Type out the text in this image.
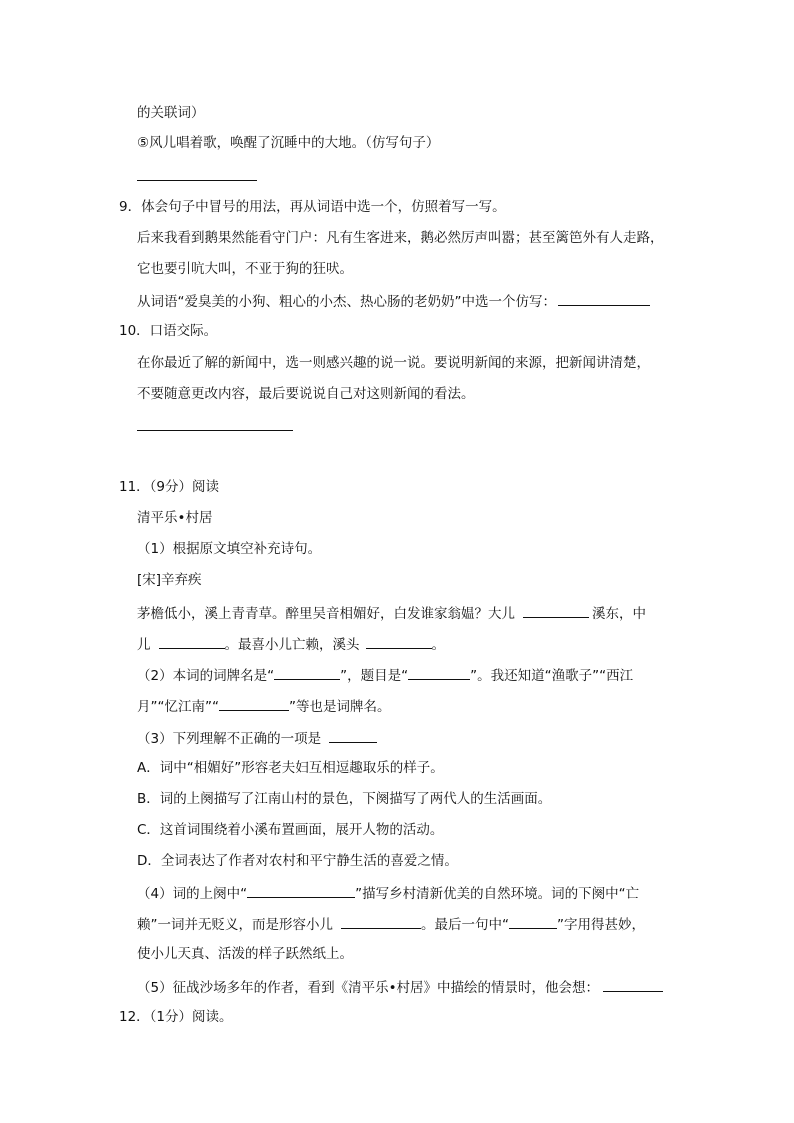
的关联词）
⑤风儿唱着歌，唤醒了沉睡中的大地。（仿写句子）
9．体会句子中冒号的用法，再从词语中选一个，仿照着写一写。
后来我看到鹅果然能看守门户：凡有生客进来，鹅必然厉声叫嚣；甚至篱笆外有人走路，
它也要引吭大叫，不亚于狗的狂吠。
从词语“爱臭美的小狗、粗心的小杰、热心肠的老奶奶”中选一个仿写：
10．口语交际。
在你最近了解的新闻中，选一则感兴趣的说一说。要说明新闻的来源，把新闻讲清楚，
不要随意更改内容，最后要说说自己对这则新闻的看法。
11．（9分）阅读
清平乐•村居
（1）根据原文填空补充诗句。
[宋]辛弃疾
茅檐低小，溪上青青草。醉里吴音相媚好，白发谁家翁媪？大儿	溪东，中
儿	。最喜小儿亡赖，溪头	。
（2）本词的词牌名是“	”，题目是“	”。我还知道“渔歌子”“西江
月”“忆江南”“	”等也是词牌名。
（3）下列理解不正确的一项是
A．词中“相媚好”形容老夫妇互相逗趣取乐的样子。
B．词的上阕描写了江南山村的景色，下阕描写了两代人的生活画面。
C．这首词围绕着小溪布置画面，展开人物的活动。
D．全词表达了作者对农村和平宁静生活的喜爱之情。
（4）词的上阕中“	”描写乡村清新优美的自然环境。词的下阕中“亡
赖”一词并无贬义，而是形容小儿	。最后一句中“	”字用得甚妙，
使小儿天真、活泼的样子跃然纸上。
（5）征战沙场多年的作者，看到《清平乐•村居》中描绘的情景时，他会想：
12．（1分）阅读。
